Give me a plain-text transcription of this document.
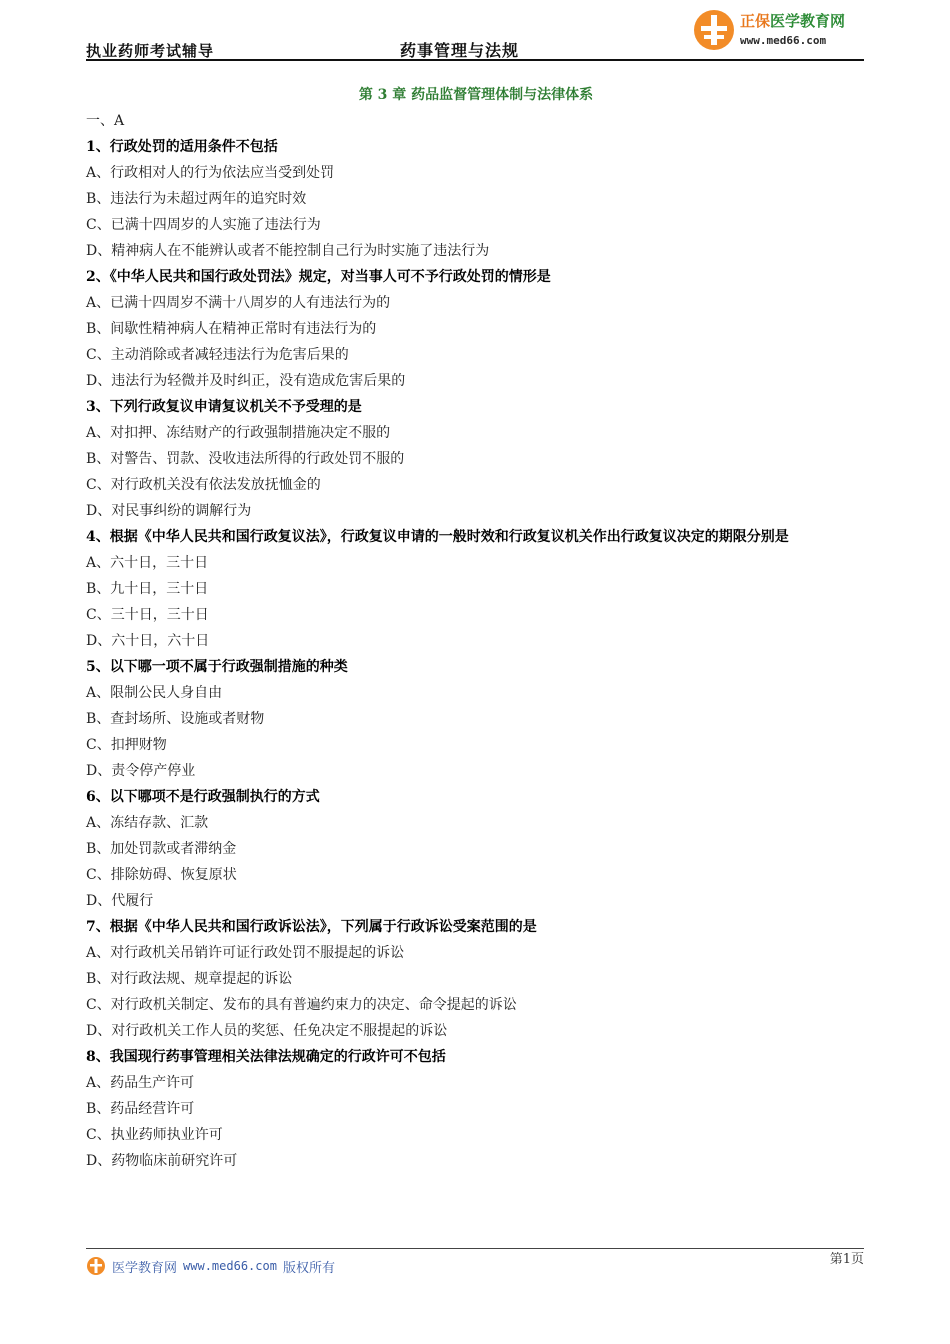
执业药师考试辅导	药事管理与法规
正保医学教育网
www.med66.com
第 3 章 药品监督管理体制与法律体系
一、A
1、行政处罚的适用条件不包括
A、行政相对人的行为依法应当受到处罚
B、违法行为未超过两年的追究时效
C、已满十四周岁的人实施了违法行为
D、精神病人在不能辨认或者不能控制自己行为时实施了违法行为
2、《中华人民共和国行政处罚法》规定，对当事人可不予行政处罚的情形是
A、已满十四周岁不满十八周岁的人有违法行为的
B、间歇性精神病人在精神正常时有违法行为的
C、主动消除或者减轻违法行为危害后果的
D、违法行为轻微并及时纠正，没有造成危害后果的
3、下列行政复议申请复议机关不予受理的是
A、对扣押、冻结财产的行政强制措施决定不服的
B、对警告、罚款、没收违法所得的行政处罚不服的
C、对行政机关没有依法发放抚恤金的
D、对民事纠纷的调解行为
4、根据《中华人民共和国行政复议法》，行政复议申请的一般时效和行政复议机关作出行政复议决定的期限分别是
A、六十日，三十日
B、九十日，三十日
C、三十日，三十日
D、六十日，六十日
5、以下哪一项不属于行政强制措施的种类
A、限制公民人身自由
B、查封场所、设施或者财物
C、扣押财物
D、责令停产停业
6、以下哪项不是行政强制执行的方式
A、冻结存款、汇款
B、加处罚款或者滞纳金
C、排除妨碍、恢复原状
D、代履行
7、根据《中华人民共和国行政诉讼法》，下列属于行政诉讼受案范围的是
A、对行政机关吊销许可证行政处罚不服提起的诉讼
B、对行政法规、规章提起的诉讼
C、对行政机关制定、发布的具有普遍约束力的决定、命令提起的诉讼
D、对行政机关工作人员的奖惩、任免决定不服提起的诉讼
8、我国现行药事管理相关法律法规确定的行政许可不包括
A、药品生产许可
B、药品经营许可
C、执业药师执业许可
D、药物临床前研究许可
医学教育网 www.med66.com 版权所有
第1页
